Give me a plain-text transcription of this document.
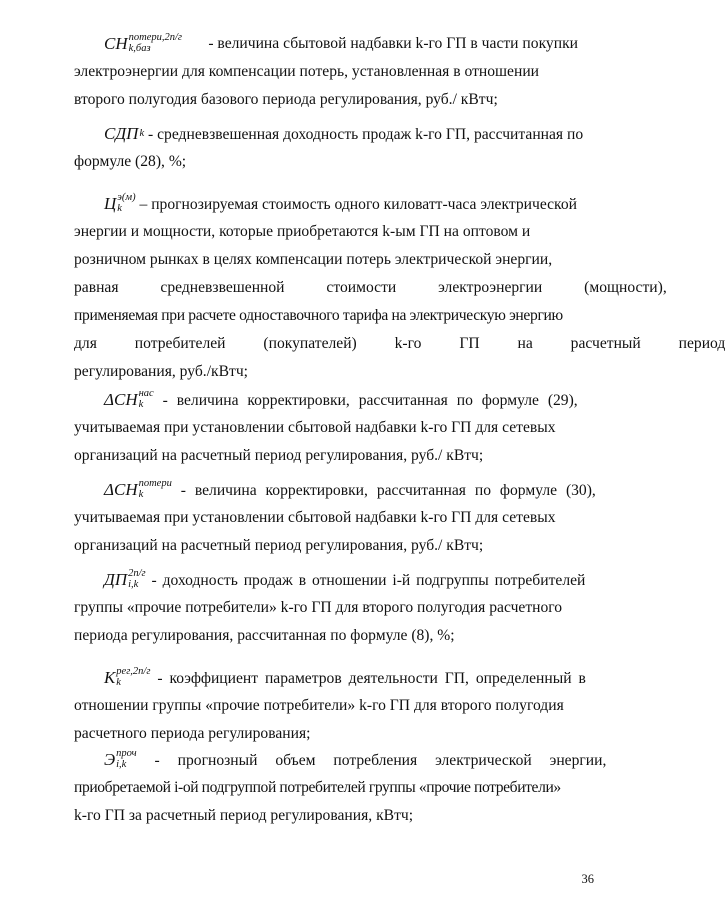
СН потери,2п/г
k,баз	- величина сбытовой надбавки k-го ГП в части покупки
электроэнергии для компенсации потерь, установленная в отношении
второго полугодия базового периода регулирования, руб./ кВтч;
СДП k - средневзвешенная доходность продаж k-го ГП, рассчитанная по
формуле (28), %;
Ц э(м)
k	– прогнозируемая стоимость одного киловатт-часа электрической
энергии и мощности, которые приобретаются k-ым ГП на оптовом и
розничном рынках в целях компенсации потерь электрической энергии,
равная средневзвешенной стоимости электроэнергии (мощности),
применяемая при расчете одноставочного тарифа на электрическую энергию
для потребителей (покупателей) k-го ГП на расчетный период
регулирования, руб./кВтч;
ΔСН нас
k	- величина корректировки, рассчитанная по формуле (29),
учитываемая при установлении сбытовой надбавки k-го ГП для сетевых
организаций на расчетный период регулирования, руб./ кВтч;
ΔСН потери
k	- величина корректировки, рассчитанная по формуле (30),
учитываемая при установлении сбытовой надбавки k-го ГП для сетевых
организаций на расчетный период регулирования, руб./ кВтч;
ДП 2п/г
i,k - доходность продаж в отношении i-й подгруппы потребителей
группы «прочие потребители» k-го ГП для второго полугодия расчетного
периода регулирования, рассчитанная по формуле (8), %;
К рег,2п/г
k	- коэффициент параметров деятельности ГП, определенный в
отношении группы «прочие потребители» k-го ГП для второго полугодия
расчетного периода регулирования;
Э проч
i,k	- прогнозный объем потребления электрической энергии,
приобретаемой i-ой подгруппой потребителей группы «прочие потребители»
k-го ГП за расчетный период регулирования, кВтч;
36
